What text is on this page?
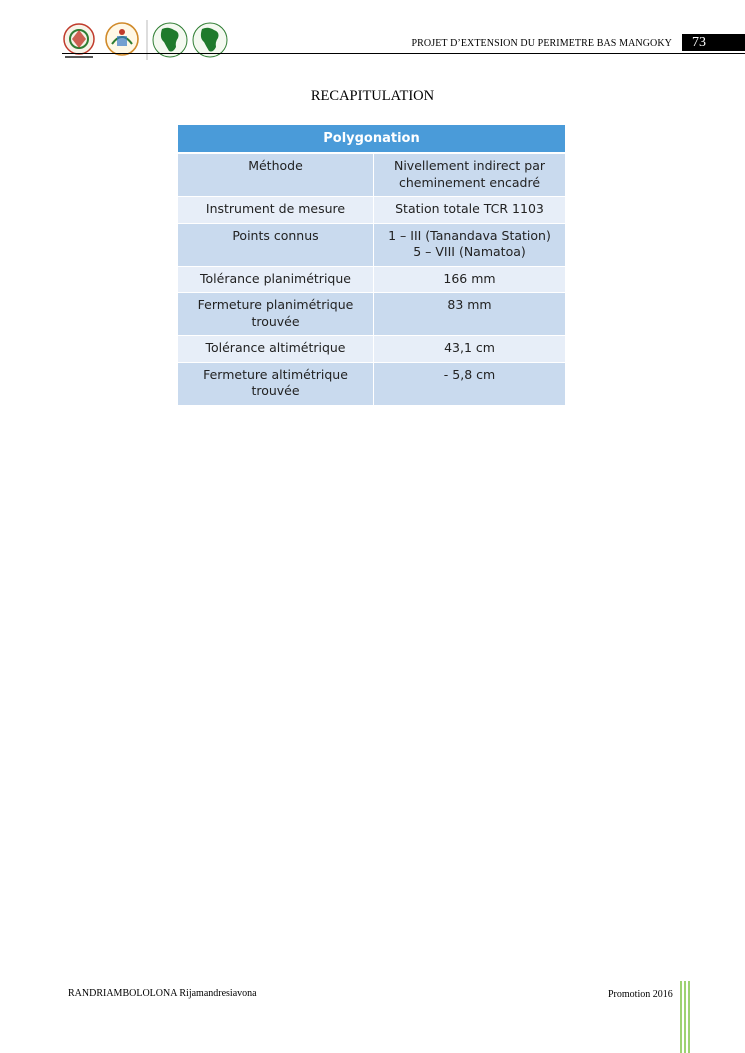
PROJET D’EXTENSION DU PERIMETRE BAS MANGOKY	73
RECAPITULATION
Polygonation	
Méthode	Nivellement indirect par cheminement encadré
Instrument de mesure	Station totale TCR 1103
Points connus	1 – III (Tanandava Station)
5 – VIII (Namatoa)
Tolérance planimétrique	166 mm
Fermeture planimétrique trouvée	83 mm
Tolérance altimétrique	43,1 cm
Fermeture altimétrique trouvée	- 5,8 cm
RANDRIAMBOLOLONA Rijamandresiavona	Promotion 2016
